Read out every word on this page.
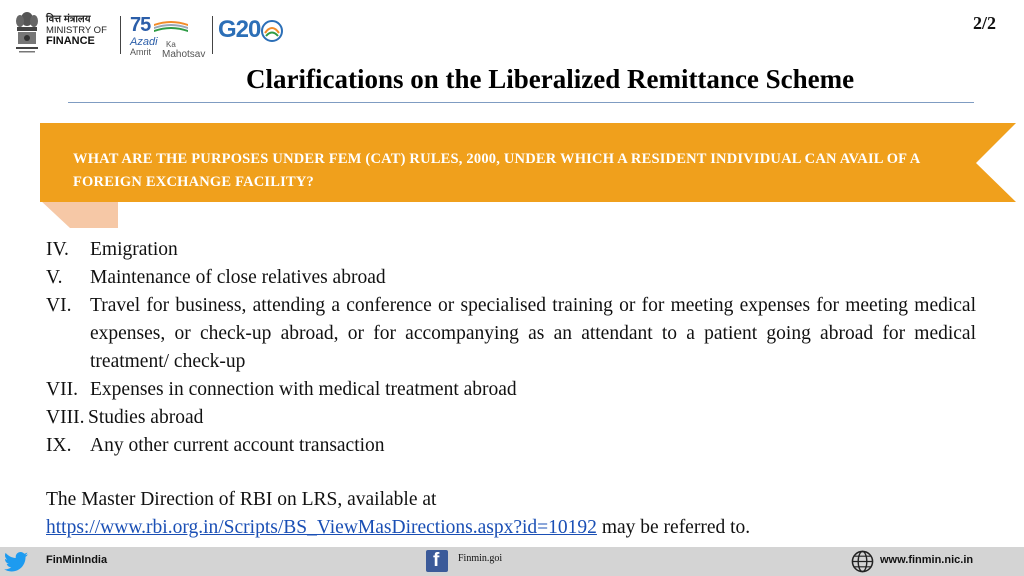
वित्त मंत्रालय
MINISTRY OF
FINANCE
75
Azadi Ka
Amrit Mahotsav
G20	2/2
Clarifications on the Liberalized Remittance Scheme
WHAT ARE THE PURPOSES UNDER FEM (CAT) RULES, 2000, UNDER WHICH A RESIDENT INDIVIDUAL CAN AVAIL OF A FOREIGN EXCHANGE FACILITY?
IV.	Emigration
V.	Maintenance of close relatives abroad
VI. Travel for business, attending a conference or specialised training or for meeting expenses for meeting medical expenses, or check-up abroad, or for accompanying as an attendant to a patient going abroad for medical treatment/ check-up
VII. Expenses in connection with medical treatment abroad
VIII. Studies abroad
IX. Any other current account transaction
The Master Direction of RBI on LRS, available at
https://www.rbi.org.in/Scripts/BS_ViewMasDirections.aspx?id=10192 may be referred to.
FinMinIndia	f Finmin.goi	www.finmin.nic.in
